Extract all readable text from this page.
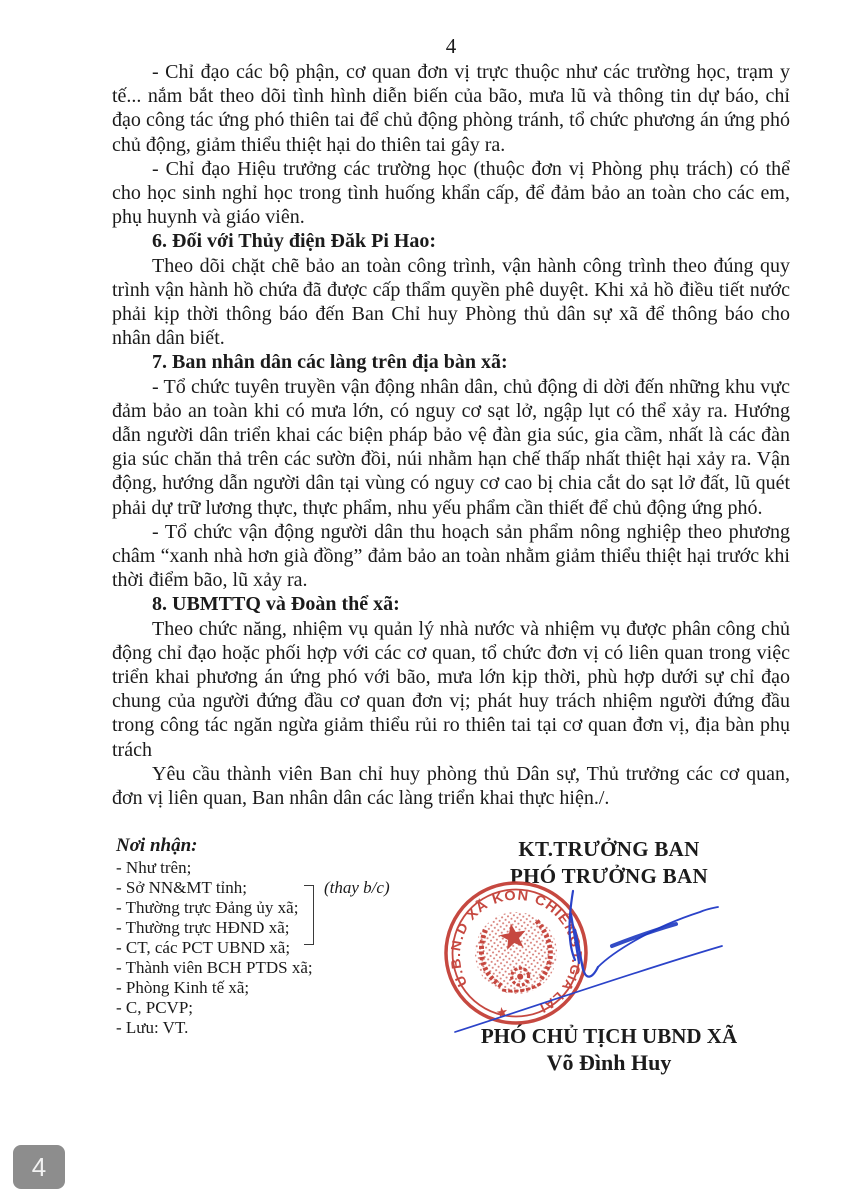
4

- Chỉ đạo các bộ phận, cơ quan đơn vị trực thuộc như các trường học, trạm y tế... nắm bắt theo dõi tình hình diễn biến của bão, mưa lũ và thông tin dự báo, chỉ đạo công tác ứng phó thiên tai để chủ động phòng tránh, tổ chức phương án ứng phó chủ động, giảm thiểu thiệt hại do thiên tai gây ra.

- Chỉ đạo Hiệu trưởng các trường học (thuộc đơn vị Phòng phụ trách) có thể cho học sinh nghỉ học trong tình huống khẩn cấp, để đảm bảo an toàn cho các em, phụ huynh và giáo viên.

6. Đối với Thủy điện Đăk Pi Hao:

Theo dõi chặt chẽ bảo an toàn công trình, vận hành công trình theo đúng quy trình vận hành hồ chứa đã được cấp thẩm quyền phê duyệt. Khi xả hồ điều tiết nước phải kịp thời thông báo đến Ban Chỉ huy Phòng thủ dân sự xã để thông báo cho nhân dân biết.

7. Ban nhân dân các làng trên địa bàn xã:

- Tổ chức tuyên truyền vận động nhân dân, chủ động di dời đến những khu vực đảm bảo an toàn khi có mưa lớn, có nguy cơ sạt lở, ngập lụt có thể xảy ra. Hướng dẫn người dân triển khai các biện pháp bảo vệ đàn gia súc, gia cầm, nhất là các đàn gia súc chăn thả trên các sườn đồi, núi nhằm hạn chế thấp nhất thiệt hại xảy ra. Vận động, hướng dẫn người dân tại vùng có nguy cơ cao bị chia cắt do sạt lở đất, lũ quét phải dự trữ lương thực, thực phẩm, nhu yếu phẩm cần thiết để chủ động ứng phó.

- Tổ chức vận động người dân thu hoạch sản phẩm nông nghiệp theo phương châm “xanh nhà hơn già đồng” đảm bảo an toàn nhằm giảm thiểu thiệt hại trước khi thời điểm bão, lũ xảy ra.

8. UBMTTQ và Đoàn thể xã:

Theo chức năng, nhiệm vụ quản lý nhà nước và nhiệm vụ được phân công chủ động chỉ đạo hoặc phối hợp với các cơ quan, tổ chức đơn vị có liên quan trong việc triển khai phương án ứng phó với bão, mưa lớn kịp thời, phù hợp dưới sự chỉ đạo chung của người đứng đầu cơ quan đơn vị; phát huy trách nhiệm người đứng đầu trong công tác ngăn ngừa giảm thiểu rủi ro thiên tai tại cơ quan đơn vị, địa bàn phụ trách

Yêu cầu thành viên Ban chỉ huy phòng thủ Dân sự, Thủ trưởng các cơ quan, đơn vị liên quan, Ban nhân dân các làng triển khai thực hiện./.

Nơi nhận:
- Như trên;
- Sở NN&MT tỉnh;
- Thường trực Đảng ủy xã;
- Thường trực HĐND xã;
- CT, các PCT UBND xã;
- Thành viên BCH PTDS xã;
- Phòng Kinh tế xã;
- C, PCVP;
- Lưu: VT.
(thay b/c)
KT.TRƯỞNG BAN
PHÓ TRƯỞNG BAN
PHÓ CHỦ TỊCH UBND XÃ
Võ Đình Huy
U.B.N.D XÃ KON CHIÊNG
T.GIA LAI
★
4
